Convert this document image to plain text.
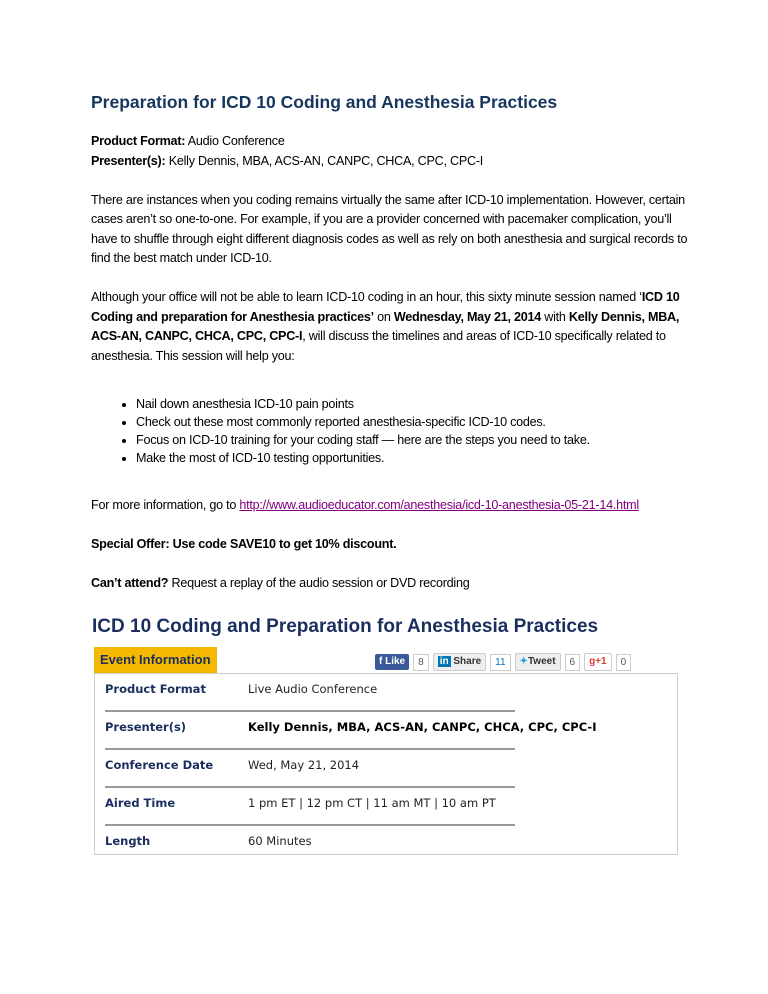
Preparation for ICD 10 Coding and Anesthesia Practices
Product Format: Audio Conference

Presenter(s): Kelly Dennis, MBA, ACS-AN, CANPC, CHCA, CPC, CPC-I

There are instances when you coding remains virtually the same after ICD-10 implementation. However, certain cases aren’t so one-to-one. For example, if you are a provider concerned with pacemaker complication, you’ll have to shuffle through eight different diagnosis codes as well as rely on both anesthesia and surgical records to find the best match under ICD-10.

Although your office will not be able to learn ICD-10 coding in an hour, this sixty minute session named ‘ICD 10 Coding and preparation for Anesthesia practices’ on Wednesday, May 21, 2014 with Kelly Dennis, MBA, ACS-AN, CANPC, CHCA, CPC, CPC-I, will discuss the timelines and areas of ICD-10 specifically related to anesthesia. This session will help you:

• Nail down anesthesia ICD-10 pain points
• Check out these most commonly reported anesthesia-specific ICD-10 codes.
• Focus on ICD-10 training for your coding staff — here are the steps you need to take.
• Make the most of ICD-10 testing opportunities.

For more information, go to http://www.audioeducator.com/anesthesia/icd-10-anesthesia-05-21-14.html

Special Offer: Use code SAVE10 to get 10% discount.

Can’t attend? Request a replay of the audio session or DVD recording

ICD 10 Coding and Preparation for Anesthesia Practices
Event Information	f Like	8	in Share	11	✦Tweet	6	g+1	0
Product Format	Live Audio Conference
Presenter(s)	Kelly Dennis, MBA, ACS-AN, CANPC, CHCA, CPC, CPC-I
Conference Date	Wed, May 21, 2014
Aired Time	1 pm ET | 12 pm CT | 11 am MT | 10 am PT
Length	60 Minutes
